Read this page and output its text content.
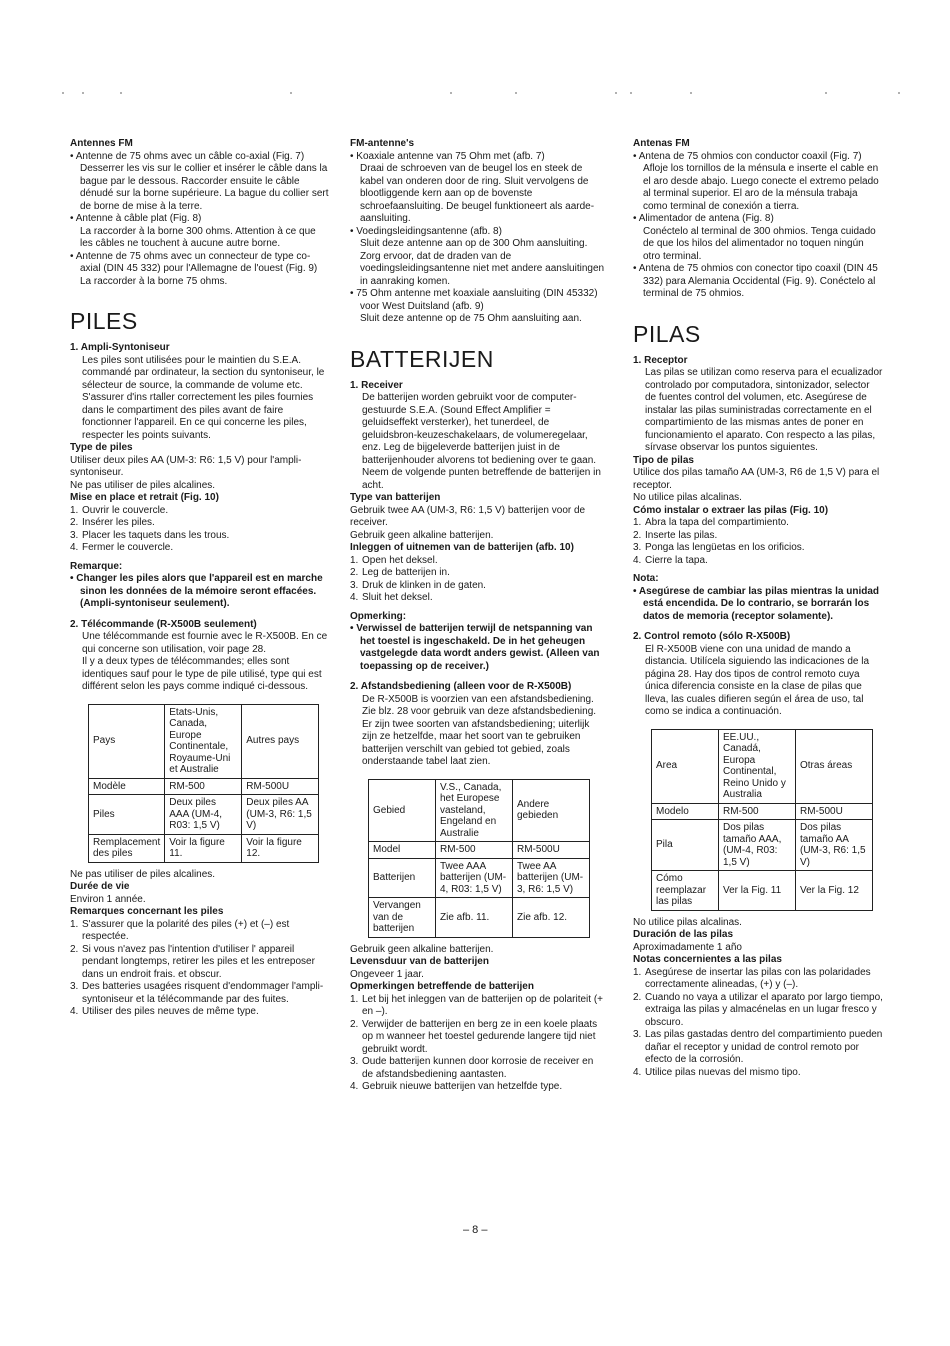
Antennes FM

• Antenne de 75 ohms avec un câble co-axial (Fig. 7)

Desserrer les vis sur le collier et insérer le câble dans la bague par le dessous. Raccorder ensuite le câble dénudé sur la borne supérieure. La bague du collier sert de borne de mise à la terre.

• Antenne à câble plat (Fig. 8)

La raccorder à la borne 300 ohms. Attention à ce que les câbles ne touchent à aucune autre borne.

• Antenne de 75 ohms avec un connecteur de type co-axial (DIN 45 332) pour l'Allemagne de l'ouest (Fig. 9)

La raccorder à la borne 75 ohms.

PILES
1. Ampli-Syntoniseur

Les piles sont utilisées pour le maintien du S.E.A. commandé par ordinateur, la section du syntoniseur, le sélecteur de source, la commande de volume etc. S'assurer d'ins rtaller correctement les piles fournies dans le compartiment des piles avant de faire fonctionner l'appareil. En ce qui concerne les piles, respecter les points suivants.

Type de piles

Utiliser deux piles AA (UM-3: R6: 1,5 V) pour l'ampli-syntoniseur.

Ne pas utiliser de piles alcalines.

Mise en place et retrait (Fig. 10)
1. Ouvrir le couvercle.
2. Insérer les piles.
3. Placer les taquets dans les trous.
4. Fermer le couvercle.
Remarque:

• Changer les piles alors que l'appareil est en marche sinon les données de la mémoire seront effacées. (Ampli-syntoniseur seulement).

2. Télécommande (R-X500B seulement)

Une télécommande est fournie avec le R-X500B. En ce qui concerne son utilisation, voir page 28.

Il y a deux types de télécommandes; elles sont identiques sauf pour le type de pile utilisé, type qui est différent selon les pays comme indiqué ci-dessous.

Pays	Etats-Unis, Canada, Europe Continentale, Royaume-Uni et Australie	Autres pays
Modèle	RM-500	RM-500U
Piles	Deux piles AAA (UM-4, R03: 1,5 V)	Deux piles AA (UM-3, R6: 1,5 V)
Remplacement des piles	Voir la figure 11.	Voir la figure 12.

Ne pas utiliser de piles alcalines.

Durée de vie

Environ 1 année.

Remarques concernant les piles
1. S'assurer que la polarité des piles (+) et (–) est respectée.
2. Si vous n'avez pas l'intention d'utiliser l' appareil pendant longtemps, retirer les piles et les entreposer dans un endroit frais. et obscur.
3. Des batteries usagées risquent d'endommager l'ampli-syntoniseur et la télécommande par des fuites.
4. Utiliser des piles neuves de même type.
FM-antenne's

• Koaxiale antenne van 75 Ohm met (afb. 7)

Draai de schroeven van de beugel los en steek de kabel van onderen door de ring. Sluit vervolgens de blootliggende kern aan op de bovenste schroefaansluiting. De beugel funktioneert als aarde-aansluiting.

• Voedingsleidingsantenne (afb. 8)

Sluit deze antenne aan op de 300 Ohm aansluiting. Zorg ervoor, dat de draden van de voedingsleidingsantenne niet met andere aansluitingen in aanraking komen.

• 75 Ohm antenne met koaxiale aansluiting (DIN 45332) voor West Duitsland (afb. 9)

Sluit deze antenne op de 75 Ohm aansluiting aan.

BATTERIJEN
1. Receiver

De batterijen worden gebruikt voor de computer-gestuurde S.E.A. (Sound Effect Amplifier = geluidseffekt versterker), het tunerdeel, de geluidsbron-keuzeschakelaars, de volumeregelaar, enz. Leg de bijgeleverde batterijen juist in de batterijenhouder alvorens tot bediening over te gaan. Neem de volgende punten betreffende de batterijen in acht.

Type van batterijen

Gebruik twee AA (UM-3, R6: 1,5 V) batterijen voor de receiver.

Gebruik geen alkaline batterijen.

Inleggen of uitnemen van de batterijen (afb. 10)
1. Open het deksel.
2. Leg de batterijen in.
3. Druk de klinken in de gaten.
4. Sluit het deksel.
Opmerking:

• Verwissel de batterijen terwijl de netspanning van het toestel is ingeschakeld. De in het geheugen vastgelegde data wordt anders gewist. (Alleen van toepassing op de receiver.)

2. Afstandsbediening (alleen voor de R-X500B)

De R-X500B is voorzien van een afstandsbediening. Zie blz. 28 voor gebruik van deze afstandsbediening.

Er zijn twee soorten van afstandsbediening; uiterlijk zijn ze hetzelfde, maar het soort van te gebruiken batterijen verschilt van gebied tot gebied, zoals onderstaande tabel laat zien.

Gebied	V.S., Canada, het Europese vasteland, Engeland en Australie	Andere gebieden
Model	RM-500	RM-500U
Batterijen	Twee AAA batterijen (UM-4, R03: 1,5 V)	Twee AA batterijen (UM-3, R6: 1,5 V)
Vervangen van de batterijen	Zie afb. 11.	Zie afb. 12.

Gebruik geen alkaline batterijen.

Levensduur van de batterijen

Ongeveer 1 jaar.

Opmerkingen betreffende de batterijen
1. Let bij het inleggen van de batterijen op de polariteit (+ en –).
2. Verwijder de batterijen en berg ze in een koele plaats op m wanneer het toestel gedurende langere tijd niet gebruikt wordt.
3. Oude batterijen kunnen door korrosie de receiver en de afstandsbediening aantasten.
4. Gebruik nieuwe batterijen van hetzelfde type.
Antenas FM

• Antena de 75 ohmios con conductor coaxil (Fig. 7)

Afloje los tornillos de la ménsula e inserte el cable en el aro desde abajo. Luego conecte el extremo pelado al terminal superior. El aro de la ménsula trabaja como terminal de conexión a tierra.

• Alimentador de antena (Fig. 8)

Conéctelo al terminal de 300 ohmios. Tenga cuidado de que los hilos del alimentador no toquen ningún otro terminal.

• Antena de 75 ohmios con conector tipo coaxil (DIN 45 332) para Alemania Occidental (Fig. 9). Conéctelo al terminal de 75 ohmios.

PILAS
1. Receptor

Las pilas se utilizan como reserva para el ecualizador controlado por computadora, sintonizador, selector de fuentes control del volumen, etc. Asegúrese de instalar las pilas suministradas correctamente en el compartimiento de las mismas antes de poner en funcionamiento el aparato. Con respecto a las pilas, sírvase observar los puntos siguientes.

Tipo de pilas

Utilice dos pilas tamaño AA (UM-3, R6 de 1,5 V) para el receptor.

No utilice pilas alcalinas.

Cómo instalar o extraer las pilas (Fig. 10)
1. Abra la tapa del compartimiento.
2. Inserte las pilas.
3. Ponga las lengüetas en los orificios.
4. Cierre la tapa.
Nota:

• Asegúrese de cambiar las pilas mientras la unidad está encendida. De lo contrario, se borrarán los datos de memoria (receptor solamente).

2. Control remoto (sólo R-X500B)

El R-X500B viene con una unidad de mando a distancia. Utilícela siguiendo las indicaciones de la página 28. Hay dos tipos de control remoto cuya única diferencia consiste en la clase de pilas que lleva, las cuales difieren según el área de uso, tal como se indica a continuación.

Area	EE.UU., Canadá, Europa Continental, Reino Unido y Australia	Otras áreas
Modelo	RM-500	RM-500U
Pila	Dos pilas tamaño AAA, (UM-4, R03: 1,5 V)	Dos pilas tamaño AA (UM-3, R6: 1,5 V)
Cómo reemplazar las pilas	Ver la Fig. 11	Ver la Fig. 12

No utilice pilas alcalinas.

Duración de las pilas

Aproximadamente 1 año

Notas concernientes a las pilas
1. Asegúrese de insertar las pilas con las polaridades correctamente alineadas, (+) y (–).
2. Cuando no vaya a utilizar el aparato por largo tiempo, extraiga las pilas y almacénelas en un lugar fresco y obscuro.
3. Las pilas gastadas dentro del compartimiento pueden dañar el receptor y unidad de control remoto por efecto de la corrosión.
4. Utilice pilas nuevas del mismo tipo.
– 8 –
